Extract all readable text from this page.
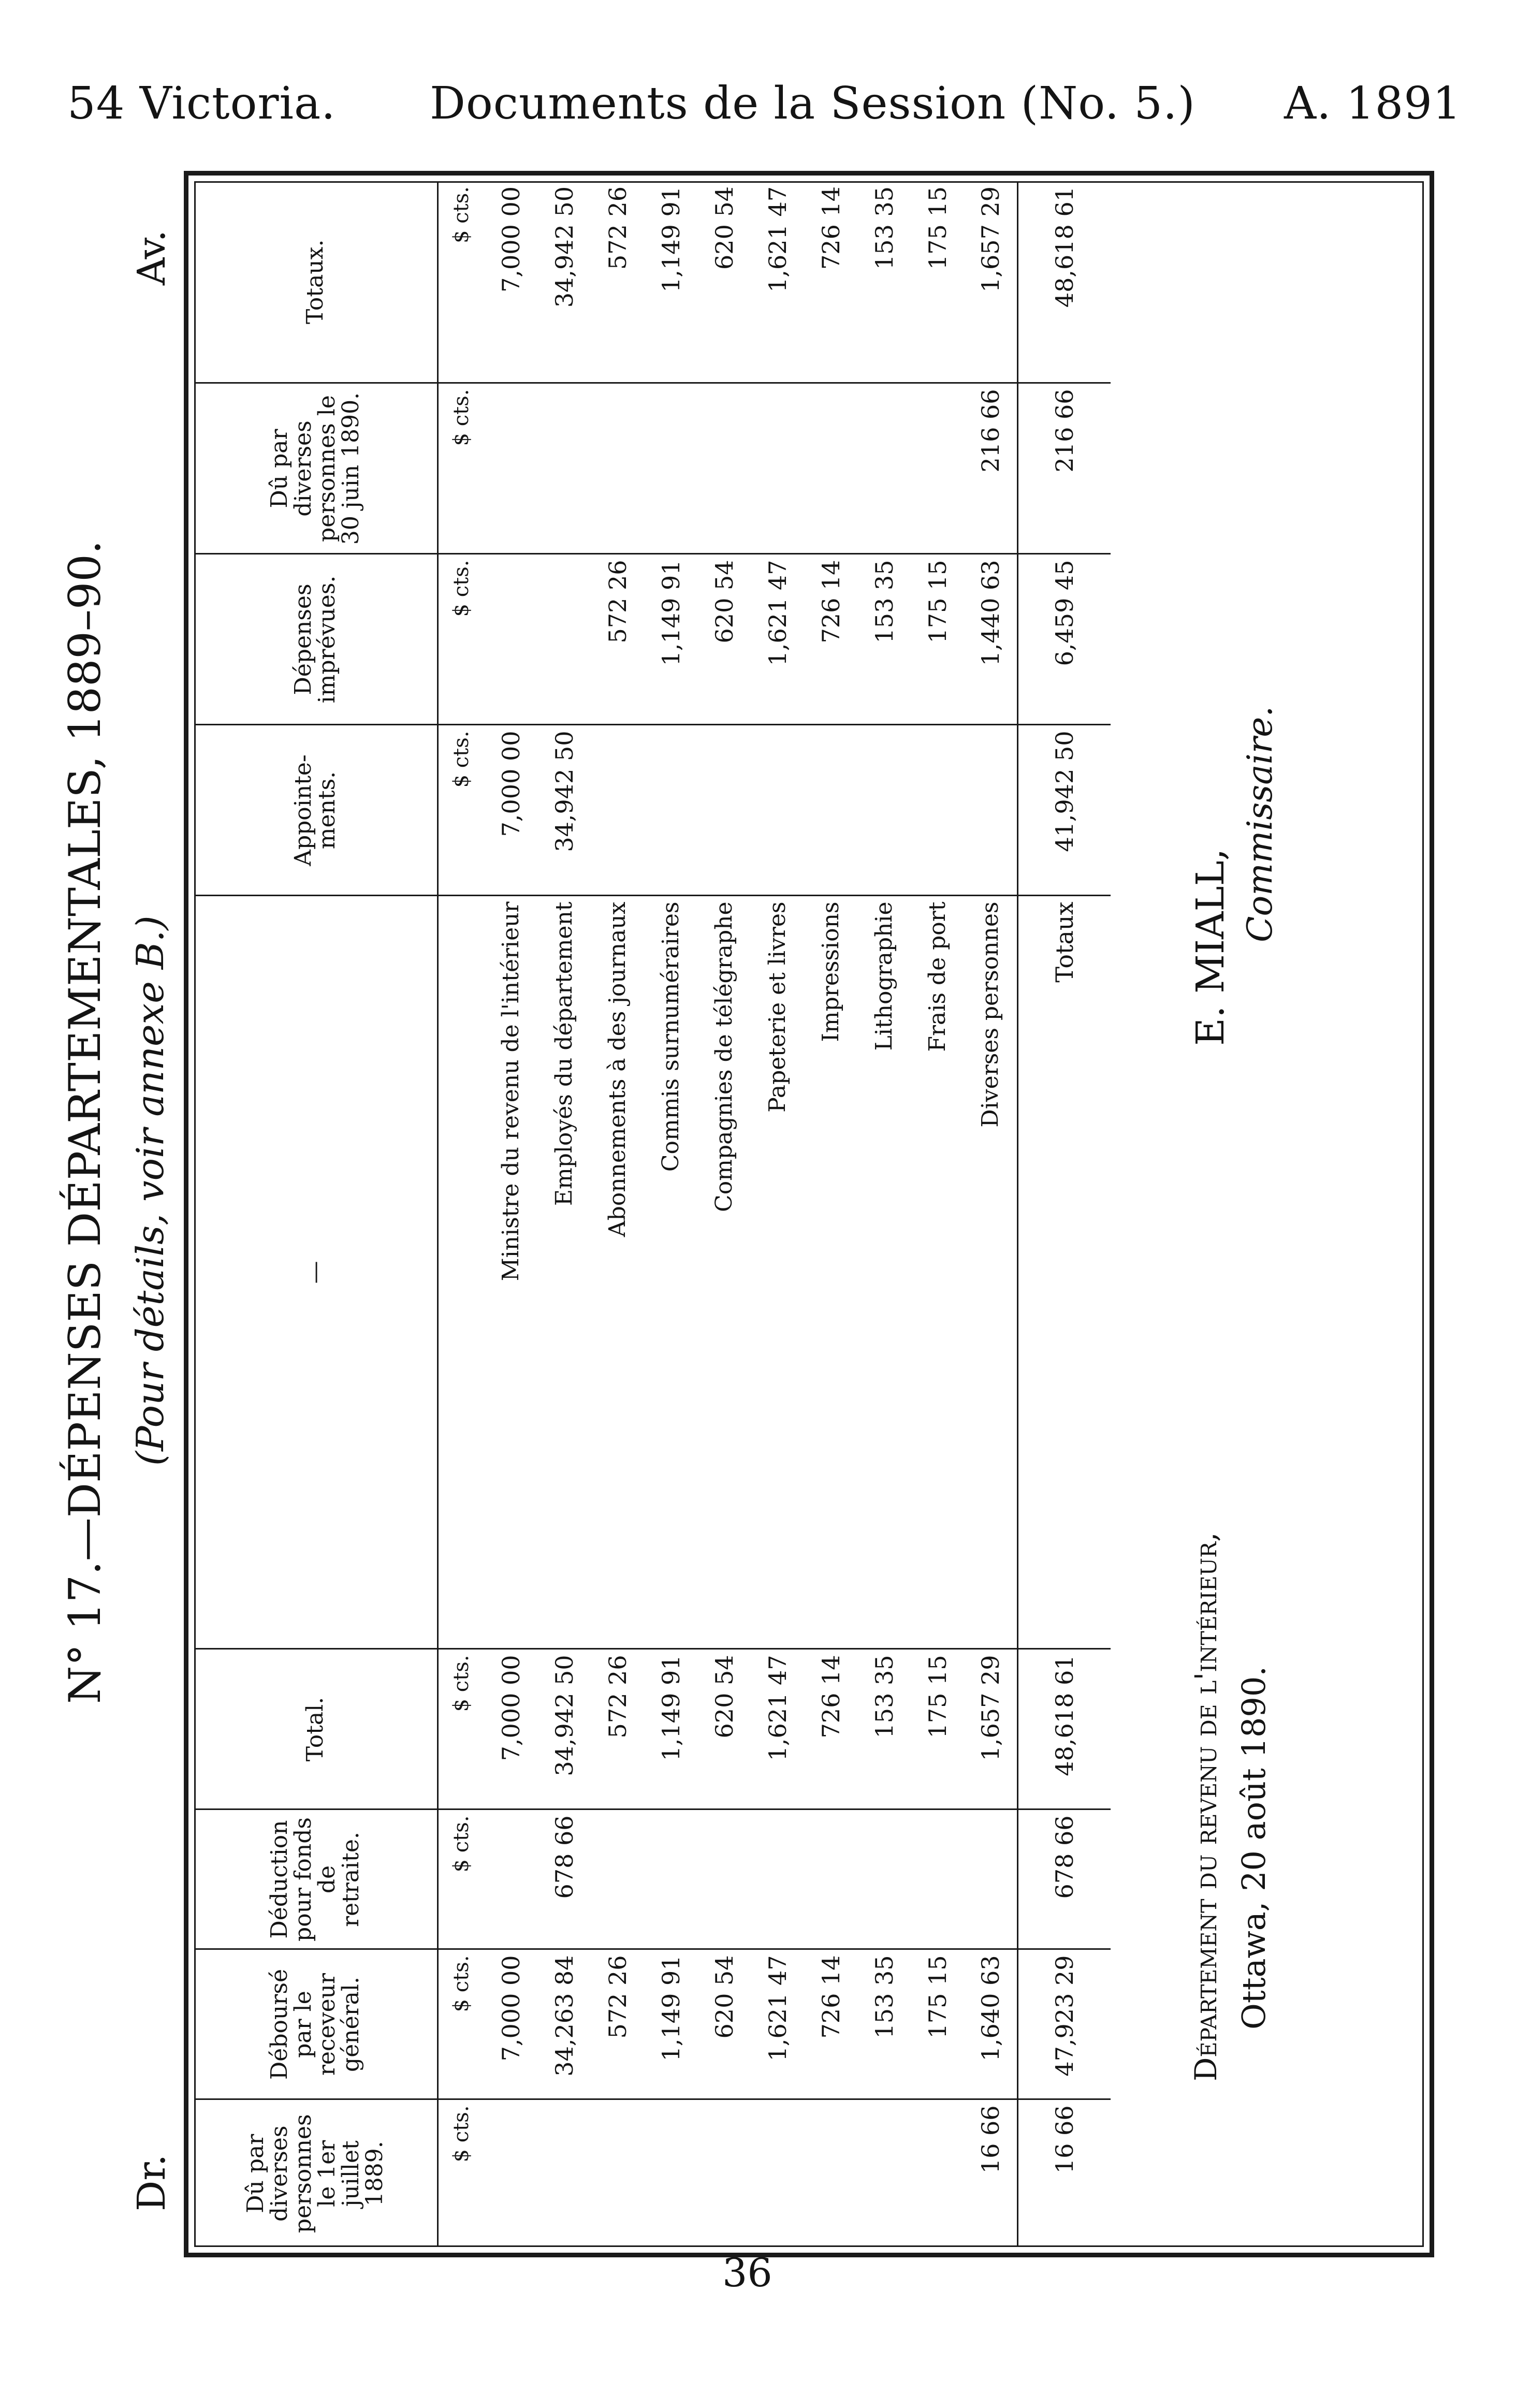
54 Victoria. Documents de la Session (No. 5.) A. 1891
Dr.
Av.
N° 17.—DÉPENSES DÉPARTEMENTALES, 1889–90. (Pour détails, voir annexe B.)
Dû par diverses personnes le 1er juillet 1889.	Déboursé par le receveur général.	Déduction pour fonds de retraite.	Total.	—	Appointe-ments.	Dépenses imprévues.	Dû par diverses personnes le 30 juin 1890.	Totaux.
$ cts.	$ cts.	$ cts.	$ cts.		$ cts.	$ cts.	$ cts.	$ cts.
	7,000 00		7,000 00	Ministre du revenu de l'intérieur	7,000 00			7,000 00
	34,263 84	678 66	34,942 50	Employés du département	34,942 50			34,942 50
	572 26		572 26	Abonnements à des journaux		572 26		572 26
	1,149 91		1,149 91	Commis surnuméraires		1,149 91		1,149 91
	620 54		620 54	Compagnies de télégraphe		620 54		620 54
	1,621 47		1,621 47	Papeterie et livres		1,621 47		1,621 47
	726 14		726 14	Impressions		726 14		726 14
	153 35		153 35	Lithographie		153 35		153 35
	175 15		175 15	Frais de port		175 15		175 15
16 66	1,640 63		1,657 29	Diverses personnes		1,440 63	216 66	1,657 29
16 66	47,923 29	678 66	48,618 61	Totaux	41,942 50	6,459 45	216 66	48,618 61
E. MIALL,
Commissaire.
Département du revenu de l'intérieur, Ottawa, 20 août 1890.
36
